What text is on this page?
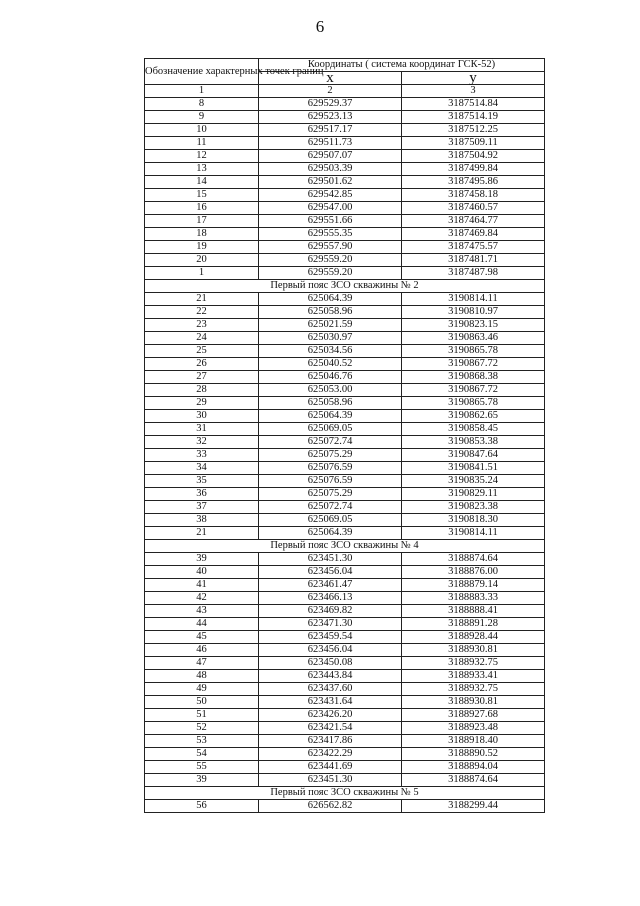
6
Обозначение характерных точек границ	Координаты ( система координат ГСК-52)	
	x	y
1	2	3
8	629529.37	3187514.84
9	629523.13	3187514.19
10	629517.17	3187512.25
11	629511.73	3187509.11
12	629507.07	3187504.92
13	629503.39	3187499.84
14	629501.62	3187495.86
15	629542.85	3187458.18
16	629547.00	3187460.57
17	629551.66	3187464.77
18	629555.35	3187469.84
19	629557.90	3187475.57
20	629559.20	3187481.71
1	629559.20	3187487.98
Первый пояс ЗСО скважины № 2		
21	625064.39	3190814.11
22	625058.96	3190810.97
23	625021.59	3190823.15
24	625030.97	3190863.46
25	625034.56	3190865.78
26	625040.52	3190867.72
27	625046.76	3190868.38
28	625053.00	3190867.72
29	625058.96	3190865.78
30	625064.39	3190862.65
31	625069.05	3190858.45
32	625072.74	3190853.38
33	625075.29	3190847.64
34	625076.59	3190841.51
35	625076.59	3190835.24
36	625075.29	3190829.11
37	625072.74	3190823.38
38	625069.05	3190818.30
21	625064.39	3190814.11
Первый пояс ЗСО скважины № 4		
39	623451.30	3188874.64
40	623456.04	3188876.00
41	623461.47	3188879.14
42	623466.13	3188883.33
43	623469.82	3188888.41
44	623471.30	3188891.28
45	623459.54	3188928.44
46	623456.04	3188930.81
47	623450.08	3188932.75
48	623443.84	3188933.41
49	623437.60	3188932.75
50	623431.64	3188930.81
51	623426.20	3188927.68
52	623421.54	3188923.48
53	623417.86	3188918.40
54	623422.29	3188890.52
55	623441.69	3188894.04
39	623451.30	3188874.64
Первый пояс ЗСО скважины № 5		
56	626562.82	3188299.44
